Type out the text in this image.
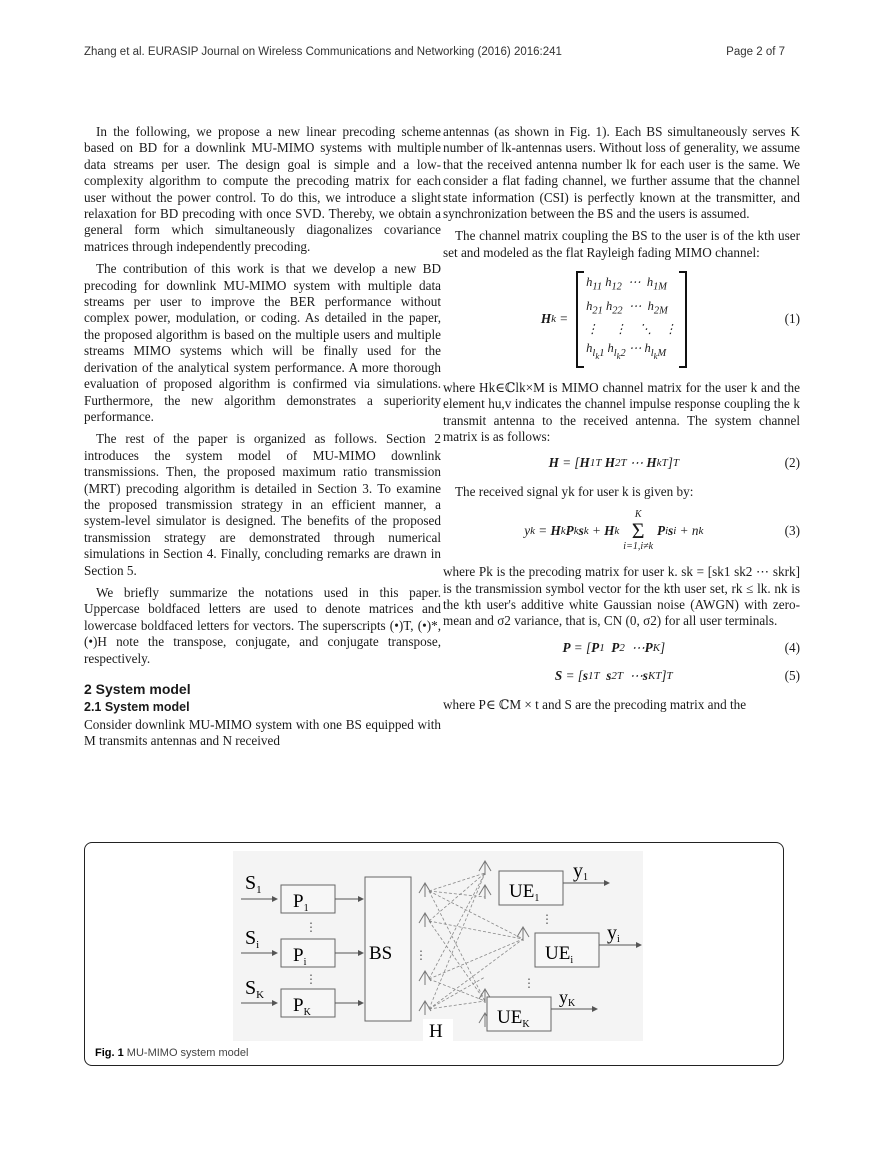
Zhang et al. EURASIP Journal on Wireless Communications and Networking (2016) 2016:241	Page 2 of 7

In the following, we propose a new linear precoding scheme based on BD for a downlink MU-MIMO systems with multiple data streams per user. The design goal is simple and a low-complexity algorithm to compute the precoding matrix for each user without the power control. To do this, we introduce a slight relaxation for BD precoding with once SVD. Thereby, we obtain a general form which simultaneously diagonalizes covariance matrices through independently precoding.

The contribution of this work is that we develop a new BD precoding for downlink MU-MIMO system with multiple data streams per user to improve the BER performance without complex power, modulation, or coding. As detailed in the paper, the proposed algorithm is based on the multiple users and multiple streams MIMO systems which will be finally used for the derivation of the analytical system performance. A more thorough evaluation of proposed algorithm is confirmed via simulations. Furthermore, the new algorithm demonstrates a superiority performance.

The rest of the paper is organized as follows. Section 2 introduces the system model of MU-MIMO downlink transmissions. Then, the proposed maximum ratio transmission (MRT) precoding algorithm is detailed in Section 3. To examine the proposed transmission strategy in an efficient manner, a system-level simulator is designed. The benefits of the proposed transmission strategy are demonstrated through numerical simulations in Section 4. Finally, concluding remarks are drawn in Section 5.

We briefly summarize the notations used in this paper. Uppercase boldfaced letters are used to denote matrices and lowercase boldfaced letters for vectors. The superscripts (•)T, (•)*, (•)H note the transpose, conjugate, and conjugate transpose, respectively.

2 System model
2.1 System model

Consider downlink MU-MIMO system with one BS equipped with M transmits antennas and N received

antennas (as shown in Fig. 1). Each BS simultaneously serves K number of lk-antennas users. Without loss of generality, we assume that the received antenna number lk for each user is the same. We consider a flat fading channel, we further assume that the channel state information (CSI) is perfectly known at the transmitter, and synchronization between the BS and the users is assumed.

The channel matrix coupling the BS to the user is of the kth user set and modeled as the flat Rayleigh fading MIMO channel:

H k =
$h_{11}$ $h_{12}$  ⋯  $h_{1M}$
$h_{21}$ $h_{22}$  ⋯  $h_{2M}$
⋮     ⋮    ⋱    ⋮
$h_{l_k1}$ $h_{l_k2}$ ⋯ $h_{l_kM}$
(1)

where Hk∈ℂlk×M is MIMO channel matrix for the user k and the element hu,v indicates the channel impulse response coupling the k transmit antenna to the received antenna. The system channel matrix is as follows:

H = [ H 1 T
H 2 T ⋯ H k T ] T	(2)

The received signal yk for user k is given by:

y k = H k P k s k + H k
K
Σ
i=1,i≠k
P i s i + n k	(3)

where Pk is the precoding matrix for user k. sk = [sk1 sk2 ⋯ skrk] is the transmission symbol vector for the kth user set, rk ≤ lk. nk is the kth user's additive white Gaussian noise (AWGN) with zero-mean and σ2 variance, that is, CN (0, σ2) for all user terminals.

P = [ P 1
P 2 ⋯ P K ]	(4)
S = [ s 1 T
s 2 T ⋯ s K T ] T	(5)

where P∈ ℂM × t and S are the precoding matrix and the

$S_1$
$S_i$
$S_K$
$P_1$
$P_i$
$P_K$
⋮
⋮
BS ⋮
$UE_1$
$UE_i$
$UE_K$
⋮
⋮
y1
yi
yK
H
Fig. 1 MU-MIMO system model
